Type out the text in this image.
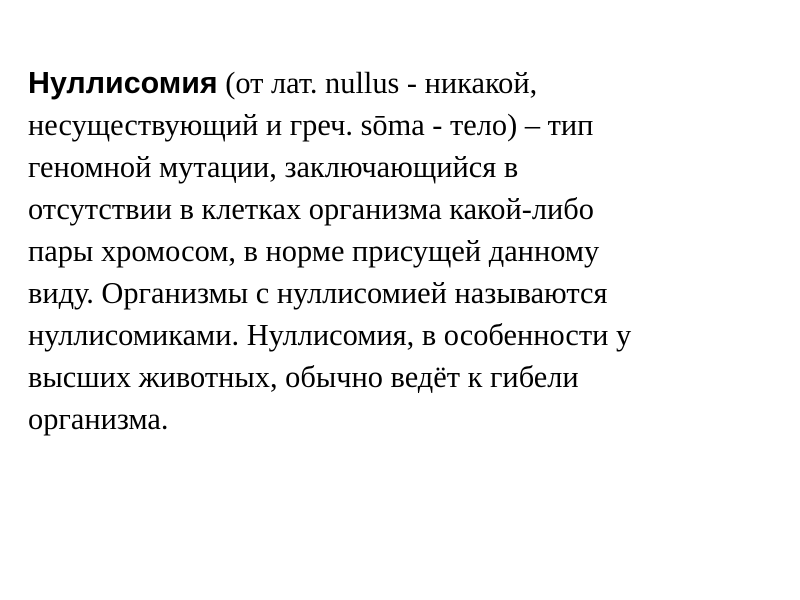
Нуллисомия (от лат. nullus - никакой,
несуществующий и греч. sōma - тело) – тип
геномной мутации, заключающийся в
отсутствии в клетках организма какой-либо
пары хромосом, в норме присущей данному
виду. Организмы с нуллисомией называются
нуллисомиками. Нуллисомия, в особенности у
высших животных, обычно ведёт к гибели
организма.
